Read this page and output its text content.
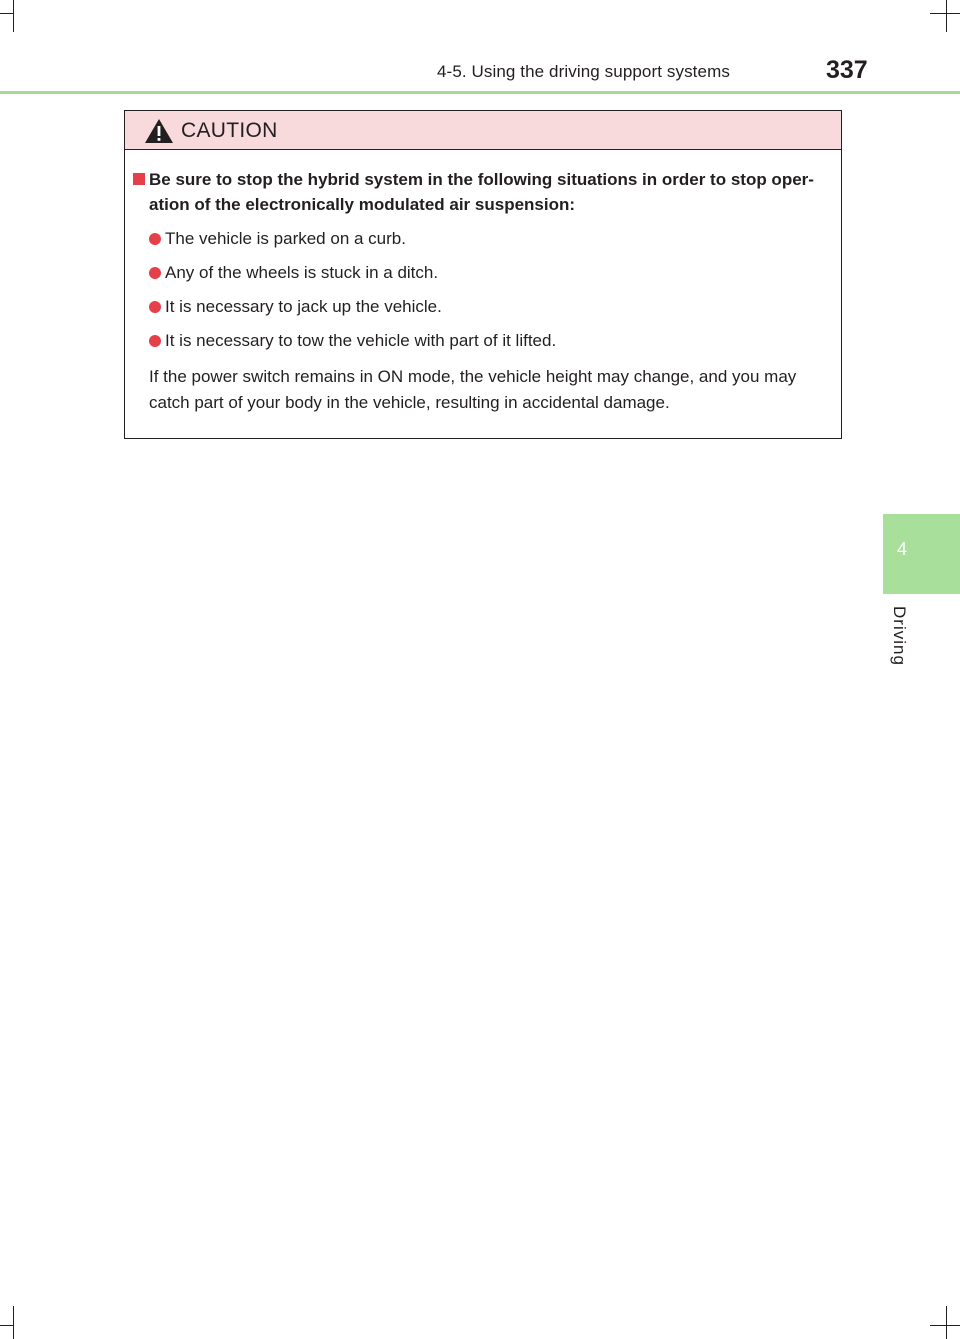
4-5. Using the driving support systems	337
4
Driving
CAUTION
Be sure to stop the hybrid system in the following situations in order to stop oper-ation of the electronically modulated air suspension:
The vehicle is parked on a curb.
Any of the wheels is stuck in a ditch.
It is necessary to jack up the vehicle.
It is necessary to tow the vehicle with part of it lifted.
If the power switch remains in ON mode, the vehicle height may change, and you may catch part of your body in the vehicle, resulting in accidental damage.
